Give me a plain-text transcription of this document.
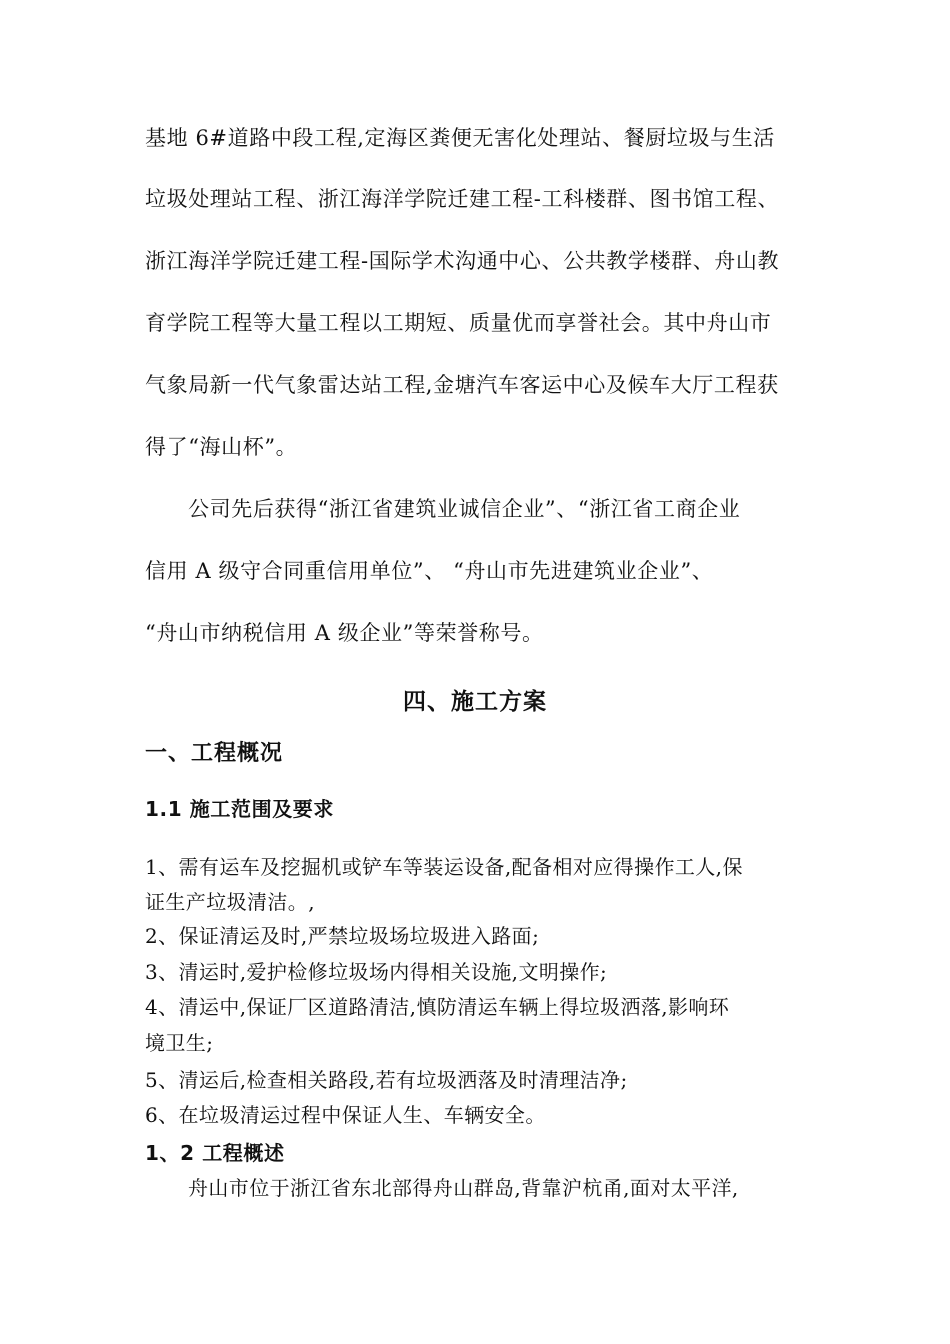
基地 6#道路中段工程,定海区粪便无害化处理站、餐厨垃圾与生活
垃圾处理站工程、浙江海洋学院迁建工程-工科楼群、图书馆工程、
浙江海洋学院迁建工程-国际学术沟通中心、公共教学楼群、舟山教
育学院工程等大量工程以工期短、质量优而享誉社会。其中舟山市
气象局新一代气象雷达站工程,金塘汽车客运中心及候车大厅工程获
得了“海山杯”。
公司先后获得“浙江省建筑业诚信企业”、“浙江省工商企业
信用 A 级守合同重信用单位”、 “舟山市先进建筑业企业”、
“舟山市纳税信用 A 级企业”等荣誉称号。
四、施工方案
一、工程概况
1.1 施工范围及要求
1、需有运车及挖掘机或铲车等装运设备,配备相对应得操作工人,保
证生产垃圾清洁。,
2、保证清运及时,严禁垃圾场垃圾进入路面;
3、清运时,爱护检修垃圾场内得相关设施,文明操作;
4、清运中,保证厂区道路清洁,慎防清运车辆上得垃圾洒落,影响环
境卫生;
5、清运后,检查相关路段,若有垃圾洒落及时清理洁净;
6、在垃圾清运过程中保证人生、车辆安全。
1、2 工程概述
舟山市位于浙江省东北部得舟山群岛,背靠沪杭甬,面对太平洋,
